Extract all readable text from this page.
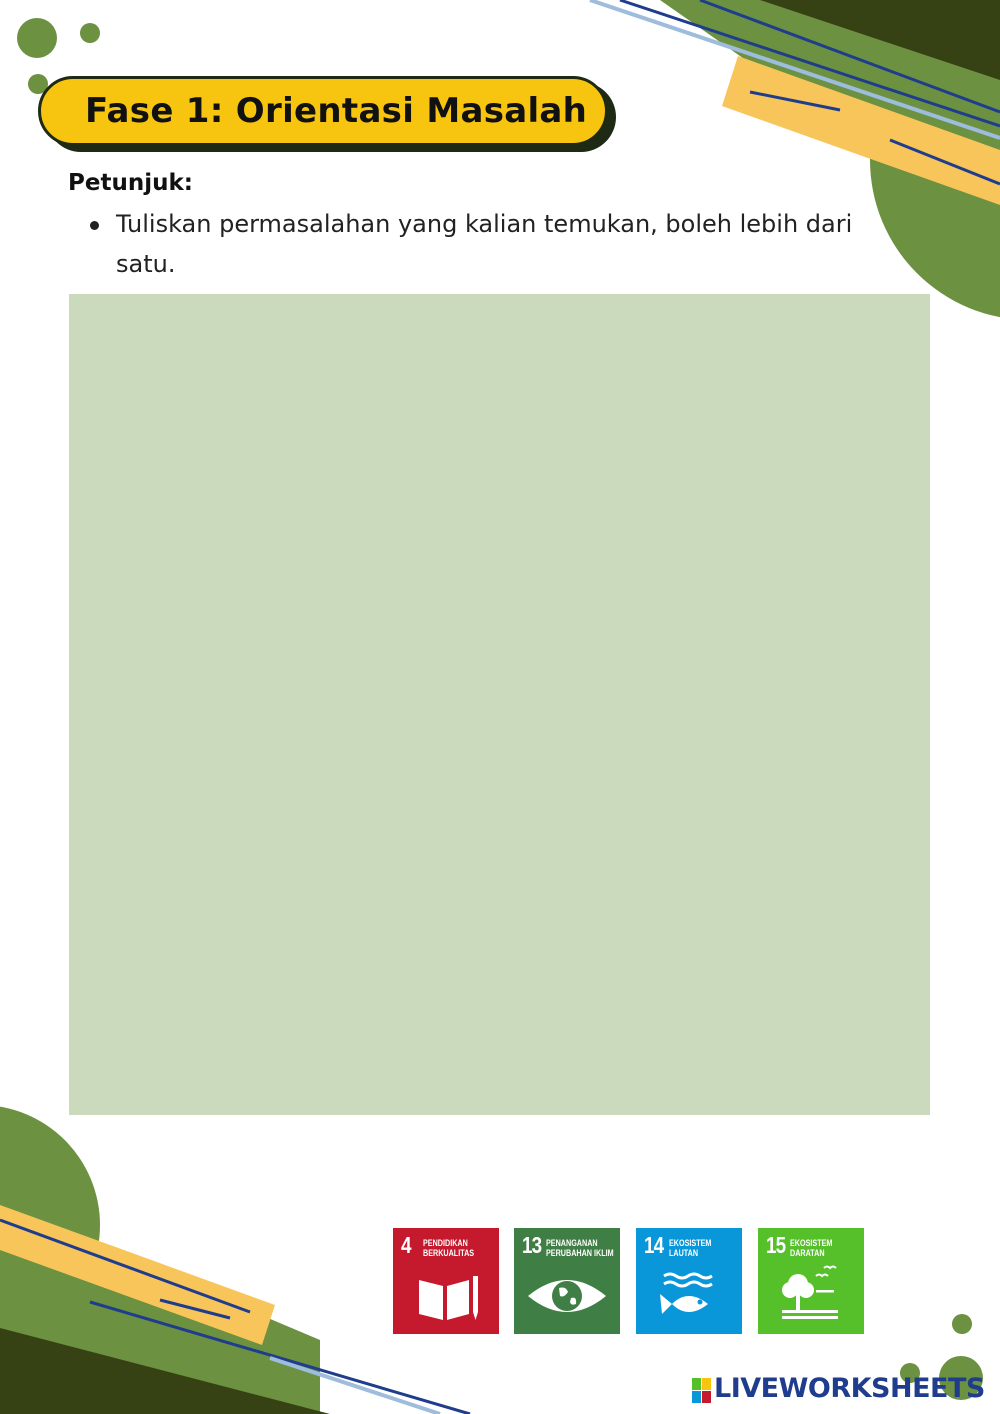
Fase 1: Orientasi Masalah
Petunjuk:
Tuliskan permasalahan yang kalian temukan, boleh lebih dari satu.
4 PENDIDIKAN
BERKUALITAS	13 PENANGANAN
PERUBAHAN IKLIM	14 EKOSISTEM
LAUTAN	15 EKOSISTEM
DARATAN
LIVEWORKSHEETS
